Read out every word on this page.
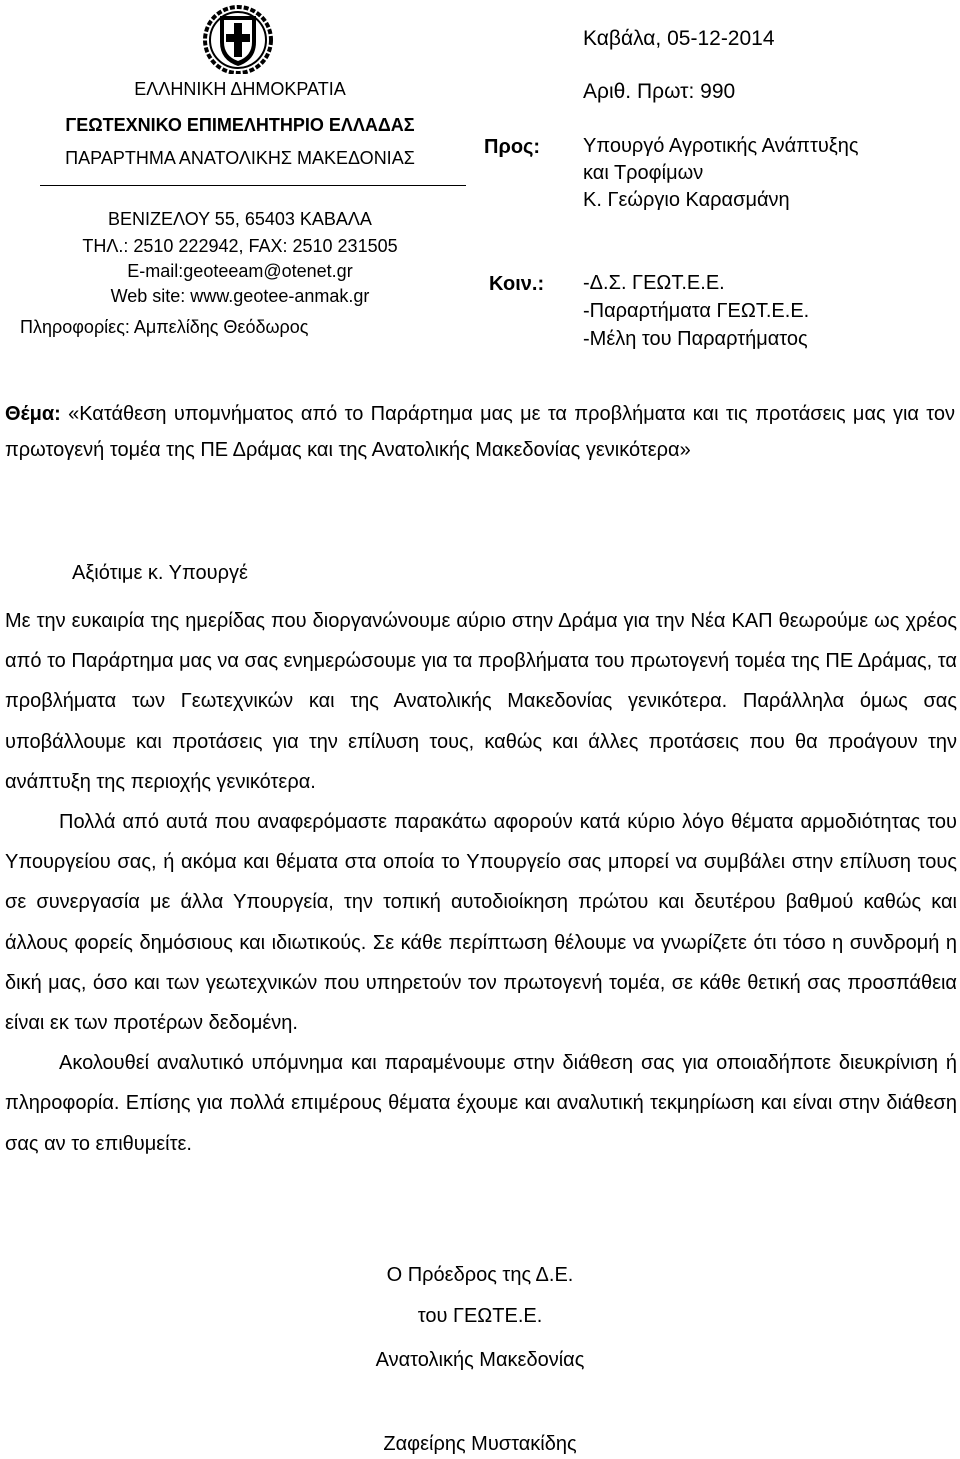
ΕΛΛΗΝΙΚΗ ΔΗΜΟΚΡΑΤΙΑ
ΓΕΩΤΕΧΝΙΚΟ ΕΠΙΜΕΛΗΤΗΡΙΟ ΕΛΛΑΔΑΣ
ΠΑΡΑΡΤΗΜΑ ΑΝΑΤΟΛΙΚΗΣ ΜΑΚΕΔΟΝΙΑΣ
ΒΕΝΙΖΕΛΟΥ 55, 65403 ΚΑΒΑΛΑ
ΤΗΛ.: 2510 222942, FAX: 2510 231505
E-mail:geoteeam@otenet.gr
Web site: www.geotee-anmak.gr
Πληροφορίες: Αμπελίδης Θεόδωρος
Καβάλα, 05-12-2014
Αριθ. Πρωτ: 990
Προς: Υπουργό Αγροτικής Ανάπτυξης
και Τροφίμων
Κ. Γεώργιο Καρασμάνη
Κοιν.: -Δ.Σ. ΓΕΩΤ.Ε.Ε.
-Παραρτήματα ΓΕΩΤ.Ε.Ε.
-Μέλη του Παραρτήματος
Θέμα: «Κατάθεση υπομνήματος από το Παράρτημα μας με τα προβλήματα και τις προτάσεις μας για τον πρωτογενή τομέα της ΠΕ Δράμας και της Ανατολικής Μακεδονίας γενικότερα»
Αξιότιμε κ. Υπουργέ

Με την ευκαιρία της ημερίδας που διοργανώνουμε αύριο στην Δράμα για την Νέα ΚΑΠ θεωρούμε ως χρέος από το Παράρτημα μας να σας ενημερώσουμε για τα προβλήματα του πρωτογενή τομέα της ΠΕ Δράμας, τα προβλήματα των Γεωτεχνικών και της Ανατολικής Μακεδονίας γενικότερα. Παράλληλα όμως σας υποβάλλουμε και προτάσεις για την επίλυση τους, καθώς και άλλες προτάσεις που θα προάγουν την ανάπτυξη της περιοχής γενικότερα.

Πολλά από αυτά που αναφερόμαστε παρακάτω αφορούν κατά κύριο λόγο θέματα αρμοδιότητας του Υπουργείου σας, ή ακόμα και θέματα στα οποία το Υπουργείο σας μπορεί να συμβάλει στην επίλυση τους σε συνεργασία με άλλα Υπουργεία, την τοπική αυτοδιοίκηση πρώτου και δευτέρου βαθμού καθώς και άλλους φορείς δημόσιους και ιδιωτικούς. Σε κάθε περίπτωση θέλουμε να γνωρίζετε ότι τόσο η συνδρομή η δική μας, όσο και των γεωτεχνικών που υπηρετούν τον πρωτογενή τομέα, σε κάθε θετική σας προσπάθεια είναι εκ των προτέρων δεδομένη.

Ακολουθεί αναλυτικό υπόμνημα και παραμένουμε στην διάθεση σας για οποιαδήποτε διευκρίνιση ή πληροφορία. Επίσης για πολλά επιμέρους θέματα έχουμε και αναλυτική τεκμηρίωση και είναι στην διάθεση σας αν το επιθυμείτε.

Ο Πρόεδρος της Δ.Ε.
του ΓΕΩΤΕ.Ε.
Ανατολικής Μακεδονίας
Ζαφείρης Μυστακίδης
